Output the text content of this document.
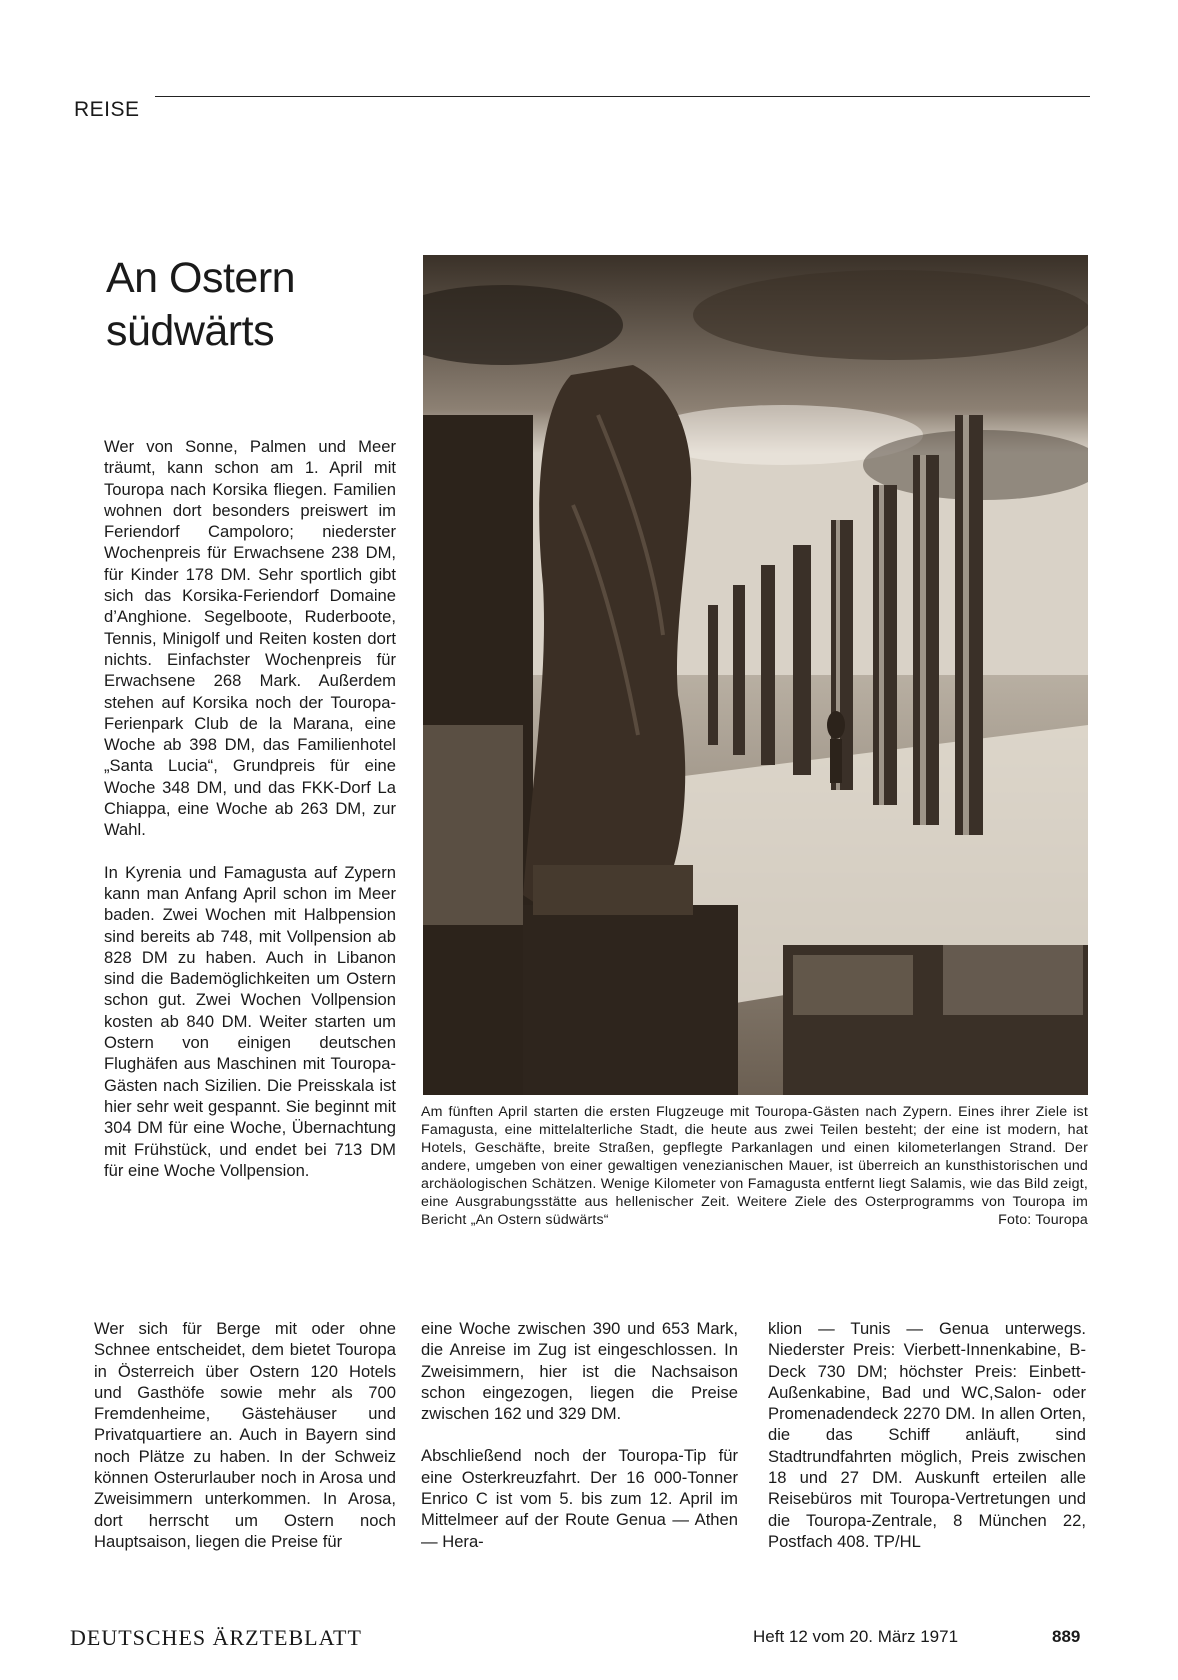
REISE
An Ostern südwärts

Wer von Sonne, Palmen und Meer träumt, kann schon am 1. April mit Touropa nach Korsika fliegen. Familien wohnen dort besonders preiswert im Feriendorf Campoloro; niederster Wochenpreis für Erwachsene 238 DM, für Kinder 178 DM. Sehr sportlich gibt sich das Korsika-Feriendorf Domaine d’Anghione. Segelboote, Ruderboote, Tennis, Minigolf und Reiten kosten dort nichts. Einfachster Wochenpreis für Erwachsene 268 Mark. Außerdem stehen auf Korsika noch der Touropa-Ferienpark Club de la Marana, eine Woche ab 398 DM, das Familienhotel „Santa Lucia“, Grundpreis für eine Woche 348 DM, und das FKK-Dorf La Chiappa, eine Woche ab 263 DM, zur Wahl.

In Kyrenia und Famagusta auf Zypern kann man Anfang April schon im Meer baden. Zwei Wochen mit Halbpension sind bereits ab 748, mit Vollpension ab 828 DM zu haben. Auch in Libanon sind die Bademöglichkeiten um Ostern schon gut. Zwei Wochen Vollpension kosten ab 840 DM. Weiter starten um Ostern von einigen deutschen Flughäfen aus Maschinen mit Touropa-Gästen nach Sizilien. Die Preisskala ist hier sehr weit gespannt. Sie beginnt mit 304 DM für eine Woche, Übernachtung mit Frühstück, und endet bei 713 DM für eine Woche Vollpension.

Am fünften April starten die ersten Flugzeuge mit Touropa-Gästen nach Zypern. Eines ihrer Ziele ist Famagusta, eine mittelalterliche Stadt, die heute aus zwei Teilen besteht; der eine ist modern, hat Hotels, Geschäfte, breite Straßen, gepflegte Parkanlagen und einen kilometerlangen Strand. Der andere, umgeben von einer gewaltigen venezianischen Mauer, ist überreich an kunsthistorischen und archäologischen Schätzen. Wenige Kilometer von Famagusta entfernt liegt Salamis, wie das Bild zeigt, eine Ausgrabungsstätte aus hellenischer Zeit. Weitere Ziele des Osterprogramms von Touropa im Bericht „An Ostern südwärts“	Foto: Touropa

Wer sich für Berge mit oder ohne Schnee entscheidet, dem bietet Touropa in Österreich über Ostern 120 Hotels und Gasthöfe sowie mehr als 700 Fremdenheime, Gästehäuser und Privatquartiere an. Auch in Bayern sind noch Plätze zu haben. In der Schweiz können Osterurlauber noch in Arosa und Zweisimmern unterkommen. In Arosa, dort herrscht um Ostern noch Hauptsaison, liegen die Preise für

eine Woche zwischen 390 und 653 Mark, die Anreise im Zug ist eingeschlossen. In Zweisimmern, hier ist die Nachsaison schon eingezogen, liegen die Preise zwischen 162 und 329 DM.

Abschließend noch der Touropa-Tip für eine Osterkreuzfahrt. Der 16 000-Tonner Enrico C ist vom 5. bis zum 12. April im Mittelmeer auf der Route Genua — Athen — Hera-

klion — Tunis — Genua unterwegs. Niederster Preis: Vierbett-Innenkabine, B-Deck 730 DM; höchster Preis: Einbett-Außenkabine, Bad und WC,Salon- oder Promenadendeck 2270 DM. In allen Orten, die das Schiff anläuft, sind Stadtrundfahrten möglich, Preis zwischen 18 und 27 DM. Auskunft erteilen alle Reisebüros mit Touropa-Vertretungen und die Touropa-Zentrale, 8 München 22, Postfach 408. TP/HL

DEUTSCHES ÄRZTEBLATT	Heft 12 vom 20. März 1971	889
